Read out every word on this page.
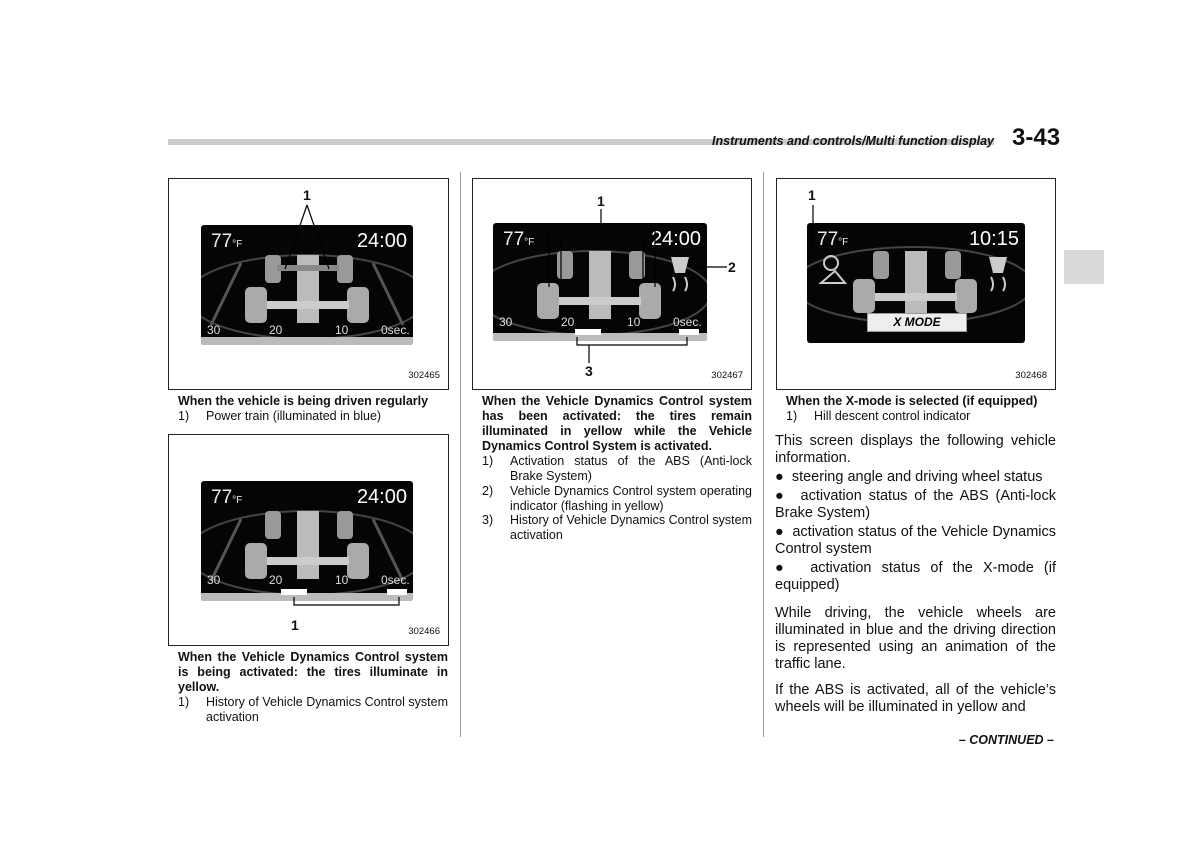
Instruments and controls/Multi function display 3-43
77°F	24:00
30	20	10	0sec.
1
302465
When the vehicle is being driven regularly
1)	Power train (illuminated in blue)
77°F	24:00
30	20	10	0sec.
1	302466
When the Vehicle Dynamics Control system is being activated: the tires illuminate in yellow.
1)	History of Vehicle Dynamics Control system activation
77°F	24:00
30	20	10	0sec.
1
2
3	302467
When the Vehicle Dynamics Control system has been activated: the tires remain illuminated in yellow while the Vehicle Dynamics Control System is activated.
1)	Activation status of the ABS (Anti-lock Brake System)
2)	Vehicle Dynamics Control system operating indicator (flashing in yellow)
3)	History of Vehicle Dynamics Control system activation
77°F	10:15
X MODE
1
302468
When the X-mode is selected (if equipped)
1)	Hill descent control indicator
This screen displays the following vehicle information.
●  steering angle and driving wheel status
●  activation status of the ABS (Anti-lock Brake System)
●  activation status of the Vehicle Dynamics Control system
●  activation status of the X-mode (if equipped)
While driving, the vehicle wheels are illuminated in blue and the driving direction is represented using an animation of the traffic lane.
If the ABS is activated, all of the vehicle’s wheels will be illuminated in yellow and
– CONTINUED –
